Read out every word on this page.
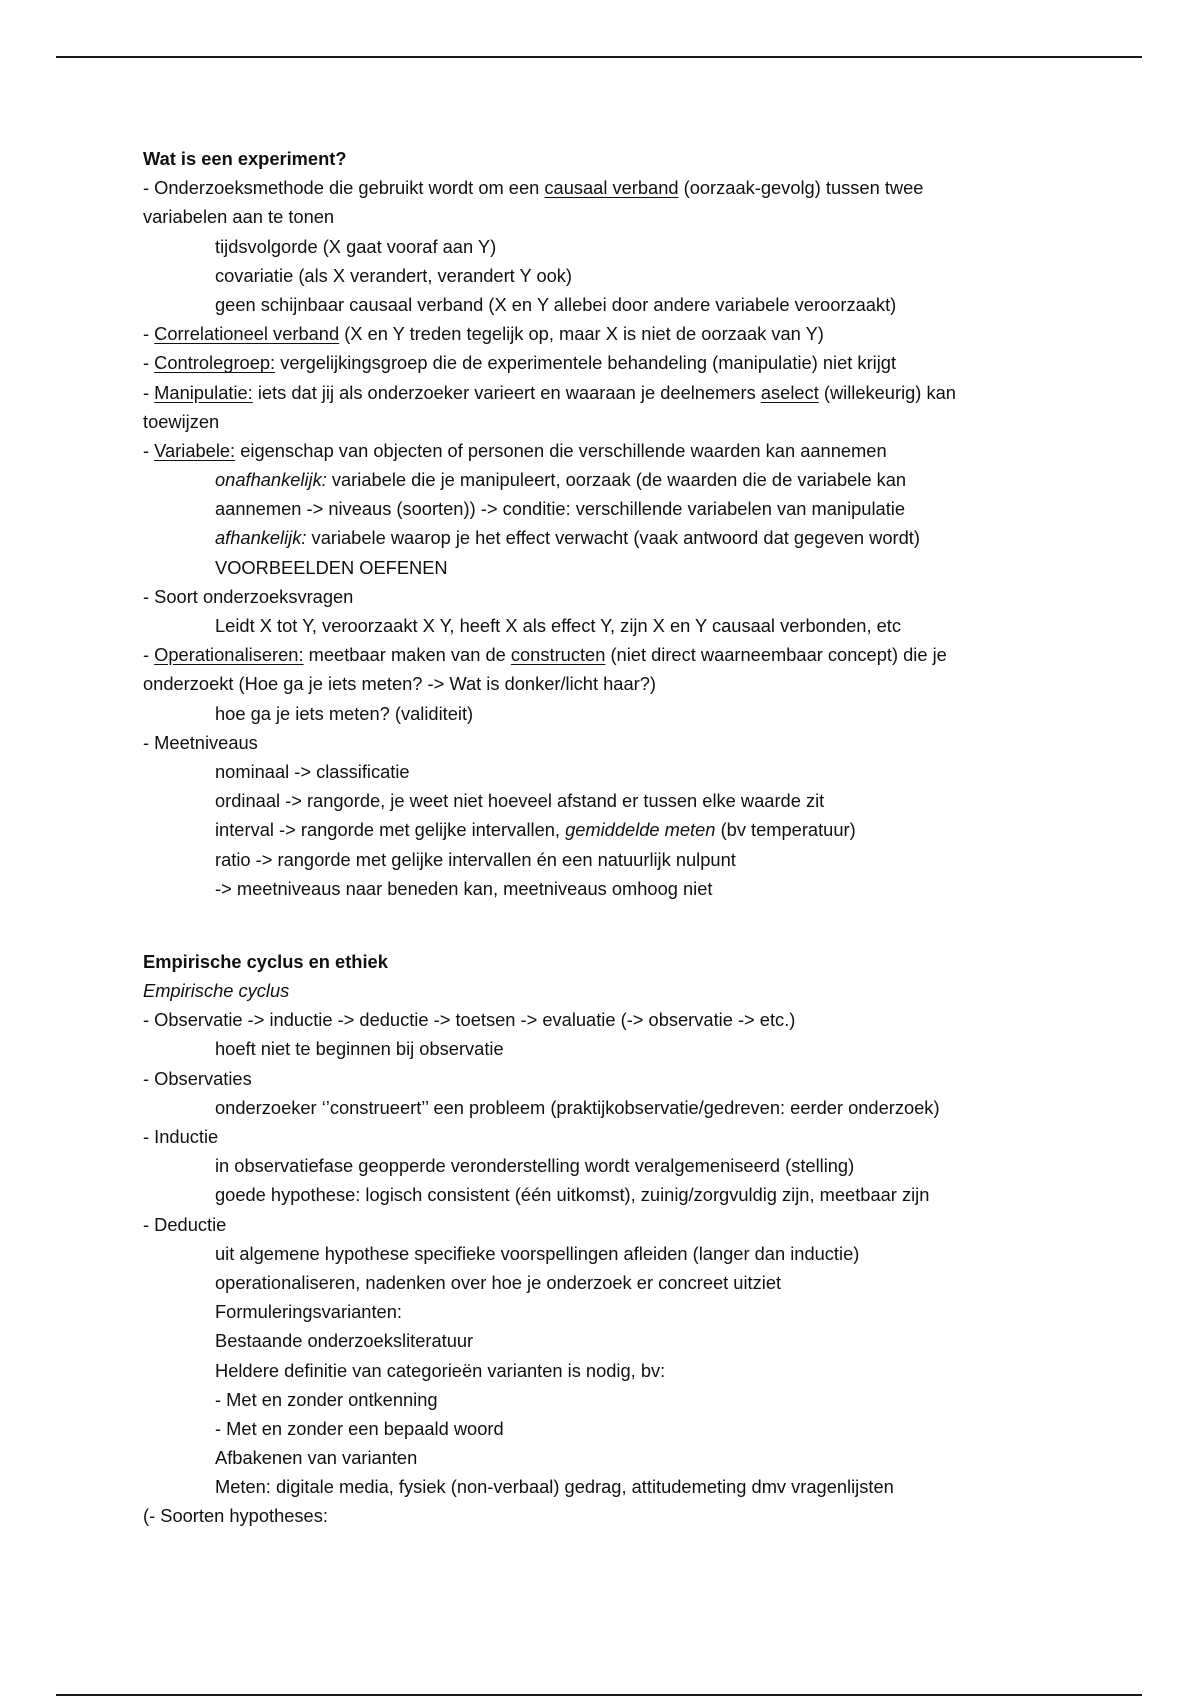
Wat is een experiment?
- Onderzoeksmethode die gebruikt wordt om een causaal verband (oorzaak-gevolg) tussen twee
variabelen aan te tonen
tijdsvolgorde (X gaat vooraf aan Y)
covariatie (als X verandert, verandert Y ook)
geen schijnbaar causaal verband (X en Y allebei door andere variabele veroorzaakt)
- Correlationeel verband (X en Y treden tegelijk op, maar X is niet de oorzaak van Y)
- Controlegroep: vergelijkingsgroep die de experimentele behandeling (manipulatie) niet krijgt
- Manipulatie: iets dat jij als onderzoeker varieert en waaraan je deelnemers aselect (willekeurig) kan
toewijzen
- Variabele: eigenschap van objecten of personen die verschillende waarden kan aannemen
onafhankelijk: variabele die je manipuleert, oorzaak (de waarden die de variabele kan
aannemen -> niveaus (soorten)) -> conditie: verschillende variabelen van manipulatie
afhankelijk: variabele waarop je het effect verwacht (vaak antwoord dat gegeven wordt)
VOORBEELDEN OEFENEN
- Soort onderzoeksvragen
Leidt X tot Y, veroorzaakt X Y, heeft X als effect Y, zijn X en Y causaal verbonden, etc
- Operationaliseren: meetbaar maken van de constructen (niet direct waarneembaar concept) die je
onderzoekt (Hoe ga je iets meten? -> Wat is donker/licht haar?)
hoe ga je iets meten? (validiteit)
- Meetniveaus
nominaal -> classificatie
ordinaal -> rangorde, je weet niet hoeveel afstand er tussen elke waarde zit
interval -> rangorde met gelijke intervallen, gemiddelde meten (bv temperatuur)
ratio -> rangorde met gelijke intervallen én een natuurlijk nulpunt
-> meetniveaus naar beneden kan, meetniveaus omhoog niet
Empirische cyclus en ethiek
Empirische cyclus
- Observatie -> inductie -> deductie -> toetsen -> evaluatie (-> observatie -> etc.)
hoeft niet te beginnen bij observatie
- Observaties
onderzoeker ‘’construeert’’ een probleem (praktijkobservatie/gedreven: eerder onderzoek)
- Inductie
in observatiefase geopperde veronderstelling wordt veralgemeniseerd (stelling)
goede hypothese: logisch consistent (één uitkomst), zuinig/zorgvuldig zijn, meetbaar zijn
- Deductie
uit algemene hypothese specifieke voorspellingen afleiden (langer dan inductie)
operationaliseren, nadenken over hoe je onderzoek er concreet uitziet
Formuleringsvarianten:
Bestaande onderzoeksliteratuur
Heldere definitie van categorieën varianten is nodig, bv:
- Met en zonder ontkenning
- Met en zonder een bepaald woord
Afbakenen van varianten
Meten: digitale media, fysiek (non-verbaal) gedrag, attitudemeting dmv vragenlijsten
(- Soorten hypotheses:
